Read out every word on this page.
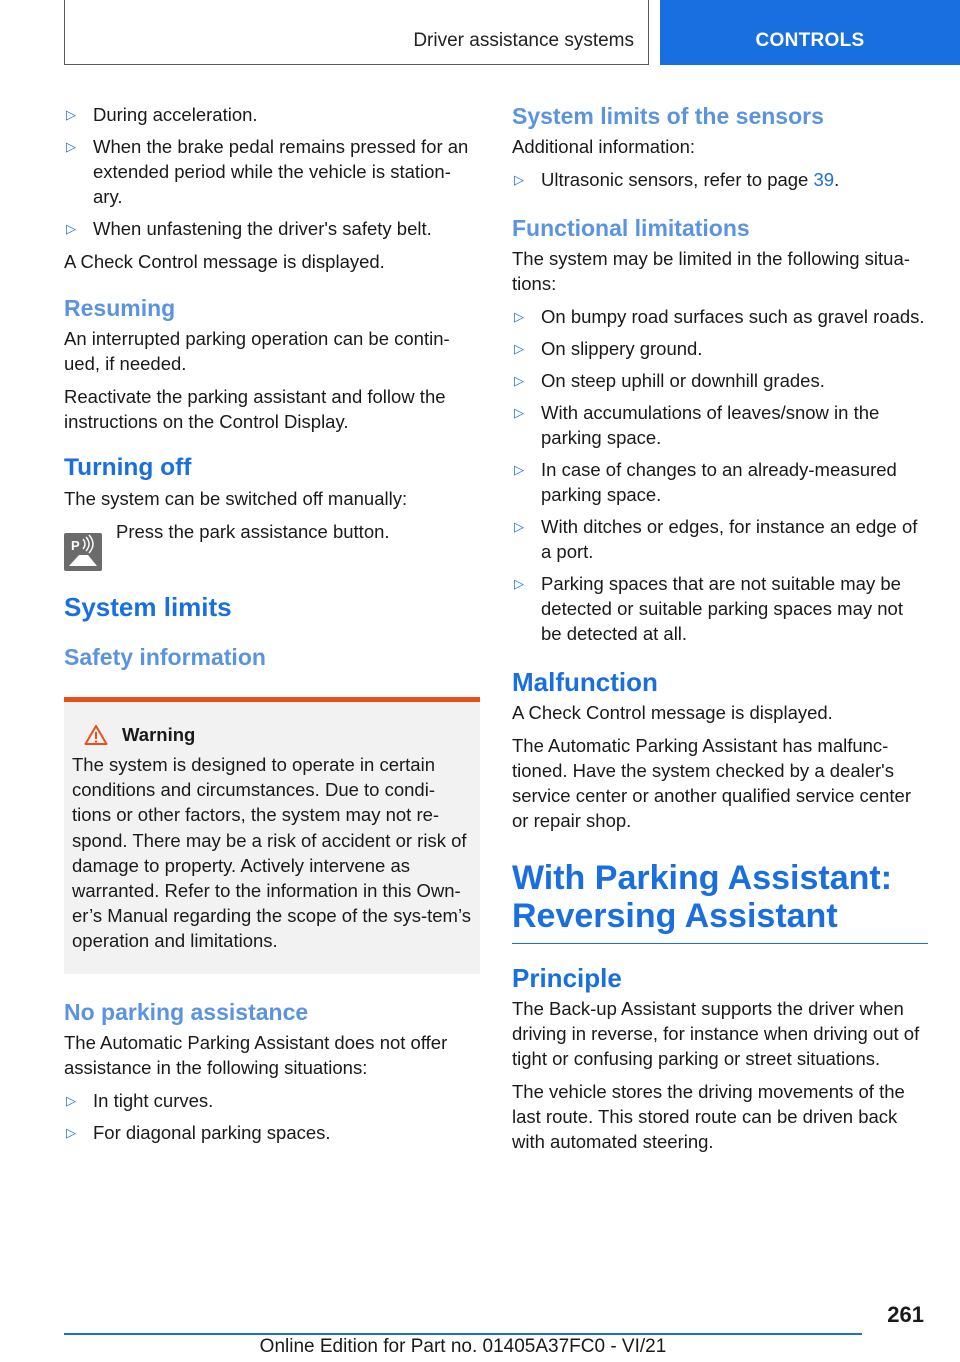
Driver assistance systems	CONTROLS
▷ During acceleration.
▷ When the brake pedal remains pressed for an extended period while the vehicle is station-ary.
▷ When unfastening the driver's safety belt.

A Check Control message is displayed.

Resuming

An interrupted parking operation can be contin-ued, if needed.

Reactivate the parking assistant and follow the instructions on the Control Display.

Turning off

The system can be switched off manually:

P

Press the park assistance button.

System limits
Safety information
Warning

The system is designed to operate in certain conditions and circumstances. Due to condi-tions or other factors, the system may not re-spond. There may be a risk of accident or risk of damage to property. Actively intervene as warranted. Refer to the information in this Own-er’s Manual regarding the scope of the sys-tem’s operation and limitations.

No parking assistance

The Automatic Parking Assistant does not offer assistance in the following situations:

▷ In tight curves.
▷ For diagonal parking spaces.
System limits of the sensors

Additional information:

▷ Ultrasonic sensors, refer to page 39.
Functional limitations

The system may be limited in the following situa-tions:

▷ On bumpy road surfaces such as gravel roads.
▷ On slippery ground.
▷ On steep uphill or downhill grades.
▷ With accumulations of leaves/snow in the parking space.
▷ In case of changes to an already-measured parking space.
▷ With ditches or edges, for instance an edge of a port.
▷ Parking spaces that are not suitable may be detected or suitable parking spaces may not be detected at all.
Malfunction

A Check Control message is displayed.

The Automatic Parking Assistant has malfunc-tioned. Have the system checked by a dealer's service center or another qualified service center or repair shop.

With Parking Assistant: Reversing Assistant
Principle

The Back-up Assistant supports the driver when driving in reverse, for instance when driving out of tight or confusing parking or street situations.

The vehicle stores the driving movements of the last route. This stored route can be driven back with automated steering.

261
Online Edition for Part no. 01405A37FC0 - VI/21
